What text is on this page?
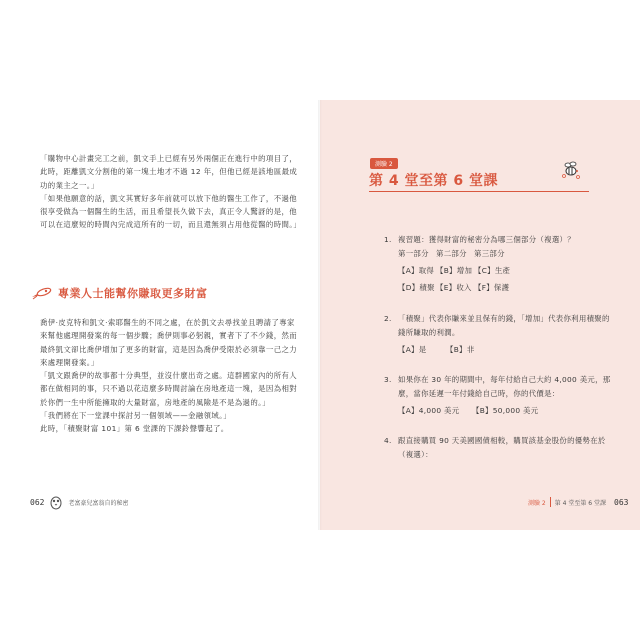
「購物中心計畫完工之前，凱文手上已經有另外兩個正在進行中的項目了，此時，距離凱文分割他的第一塊土地才不過 12 年，但他已經是該地區最成功的業主之一。」

「如果他願意的話，凱文其實好多年前就可以放下他的醫生工作了，不過他很享受做為一個醫生的生活，而且希望長久做下去，真正令人驚訝的是，他可以在這麼短的時間內完成這所有的一切，而且還無須占用他從醫的時間。」

專業人士能幫你賺取更多財富

喬伊‧皮克特和凱文‧索耶醫生的不同之處，在於凱文去尋找並且聘請了專家來幫他處理開發案的每一個步驟；喬伊則事必躬親，實者下了不少錢，然而最終凱文卻比喬伊增加了更多的財富，這是因為喬伊受限於必須靠一己之力來處理開發案。」

「凱文跟喬伊的故事都十分典型，並沒什麼出奇之處。這群國家內的所有人都在做相同的事，只不過以花這麼多時間討論在房地產這一塊，是因為相對於你們一生中所能擁取的大量財富，房地產的風險是不是為過的。」

「我們將在下一堂課中探討另一個領域——金融領域。」

此時，「積聚財富 101」第 6 堂課的下課鈴聲響起了。

062	老富豪兒富翁自的秘密
測驗 2
第 4 堂至第 6 堂課
1. 複習題：獲得財富的秘密分為哪三個部分（複選）？
第一部分 第二部分 第三部分
【A】取得 【B】增加 【C】生產
【D】積聚 【E】收入 【F】保護
2. 「積聚」代表你賺來並且保有的錢，「增加」代表你利用積聚的錢所賺取的利潤。
【A】是	【B】非
3. 如果你在 30 年的期間中，每年付給自己大約 4,000 美元，那麼，當你延遲一年付錢給自己時，你的代價是：
【A】4,000 美元	【B】50,000 美元
4. 跟直接購買 90 天美國國債相較，購買該基金股份的優勢在於（複選）：
測驗 2 第 4 堂至第 6 堂課 063
